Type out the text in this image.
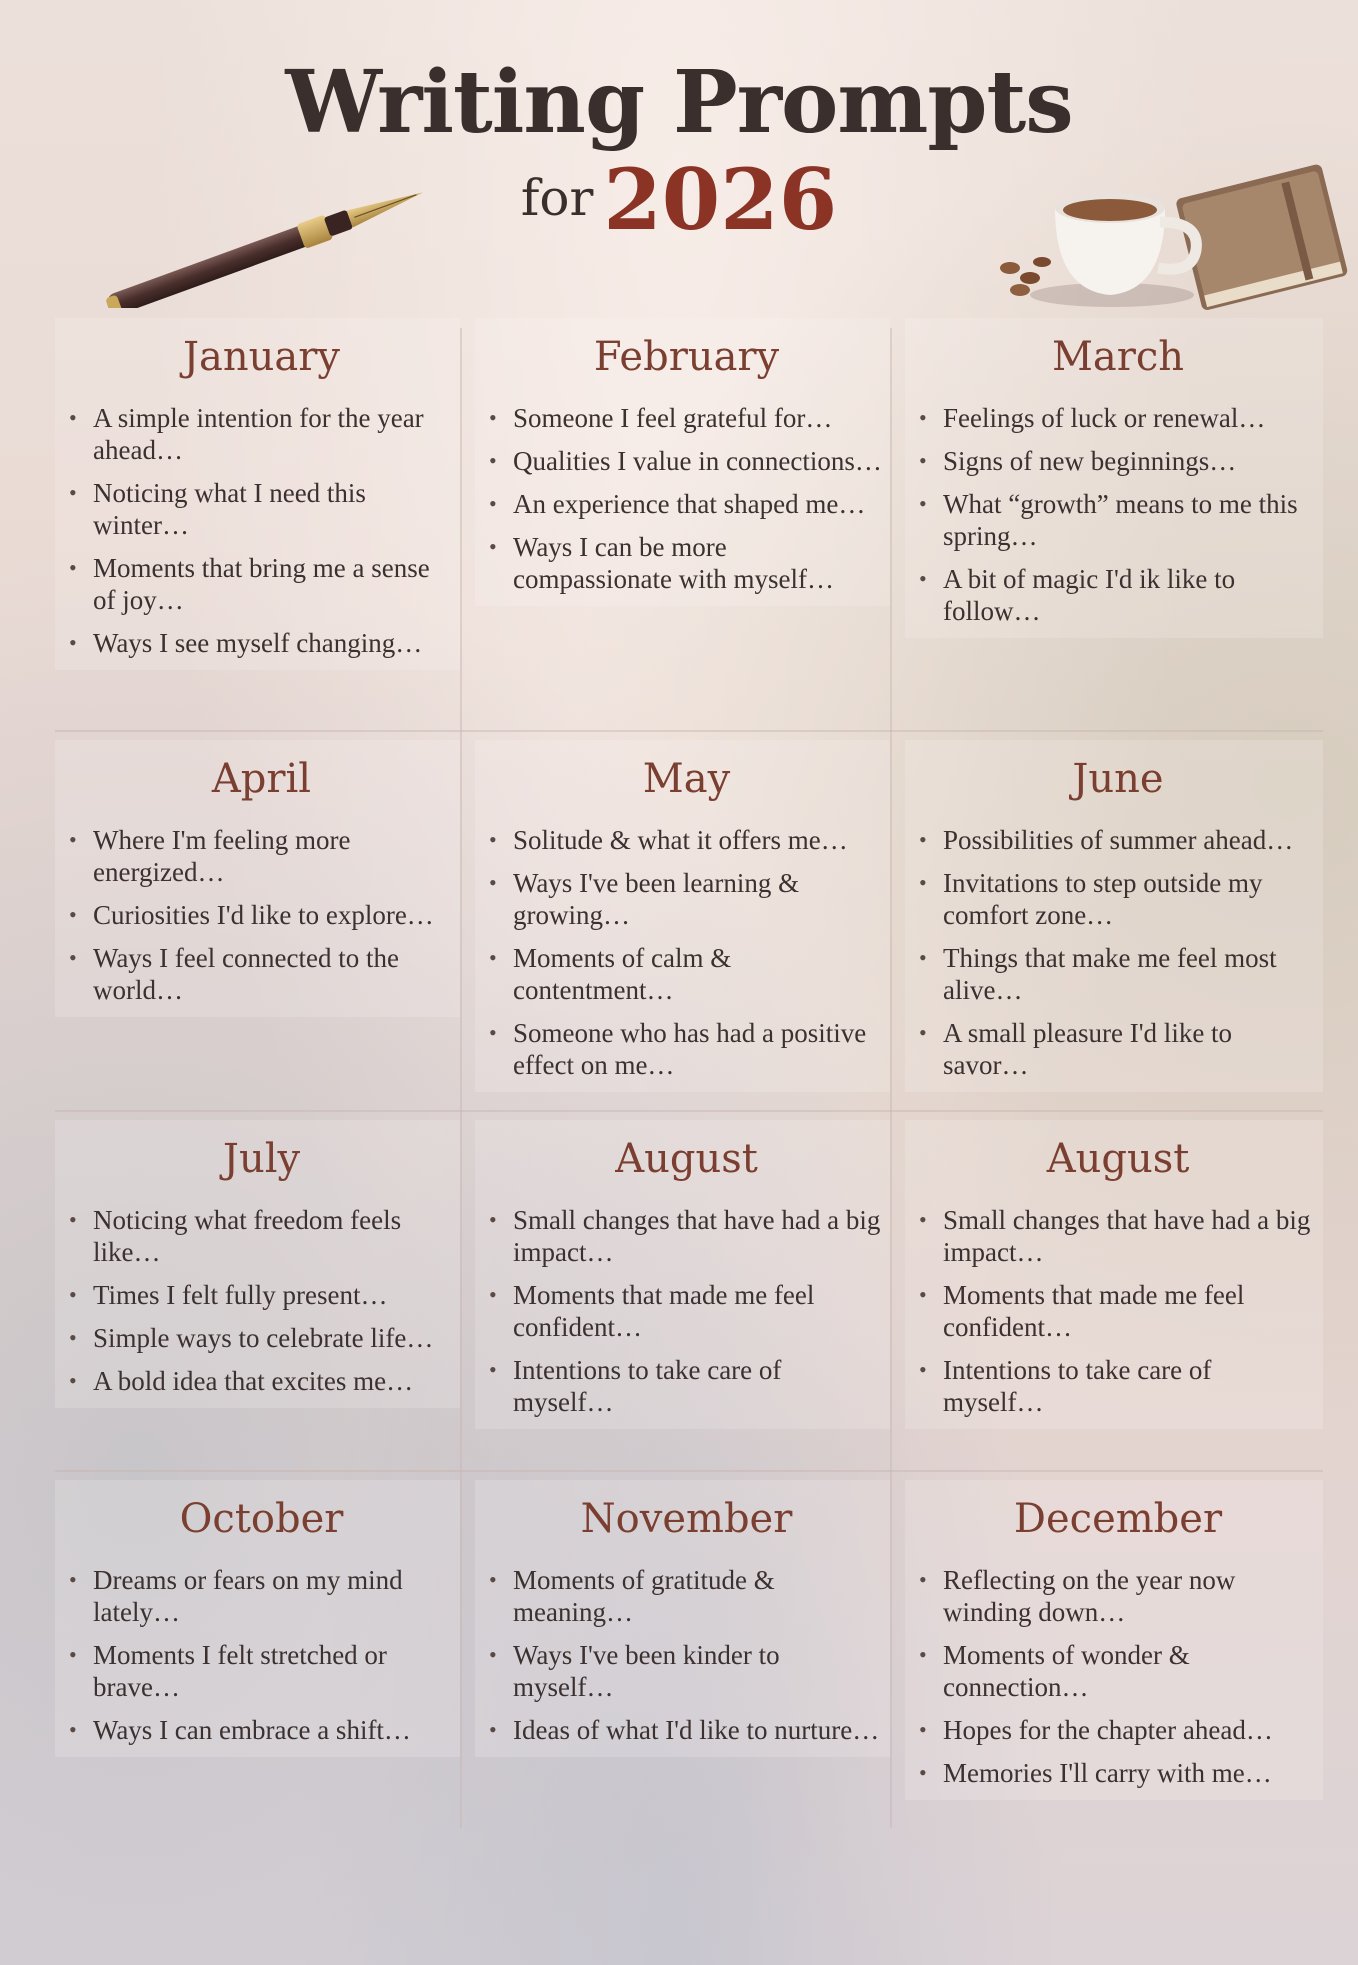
Writing Prompts
for 2026
January
• A simple intention for the year ahead…
• Noticing what I need this winter…
• Moments that bring me a sense of joy…
• Ways I see myself changing…
February
• Someone I feel grateful for…
• Qualities I value in connections…
• An experience that shaped me…
• Ways I can be more compassionate with myself…
March
• Feelings of luck or renewal…
• Signs of new beginnings…
• What “growth” means to me this spring…
• A bit of magic I'd ik like to follow…
April
• Where I'm feeling more energized…
• Curiosities I'd like to explore…
• Ways I feel connected to the world…
May
• Solitude & what it offers me…
• Ways I've been learning & growing…
• Moments of calm & contentment…
• Someone who has had a positive effect on me…
June
• Possibilities of summer ahead…
• Invitations to step outside my comfort zone…
• Things that make me feel most alive…
• A small pleasure I'd like to savor…
July
• Noticing what freedom feels like…
• Times I felt fully present…
• Simple ways to celebrate life…
• A bold idea that excites me…
August
• Small changes that have had a big impact…
• Moments that made me feel confident…
• Intentions to take care of myself…
August
• Small changes that have had a big impact…
• Moments that made me feel confident…
• Intentions to take care of myself…
October
• Dreams or fears on my mind lately…
• Moments I felt stretched or brave…
• Ways I can embrace a shift…
November
• Moments of gratitude & meaning…
• Ways I've been kinder to myself…
• Ideas of what I'd like to nurture…
December
• Reflecting on the year now winding down…
• Moments of wonder & connection…
• Hopes for the chapter ahead…
• Memories I'll carry with me…
